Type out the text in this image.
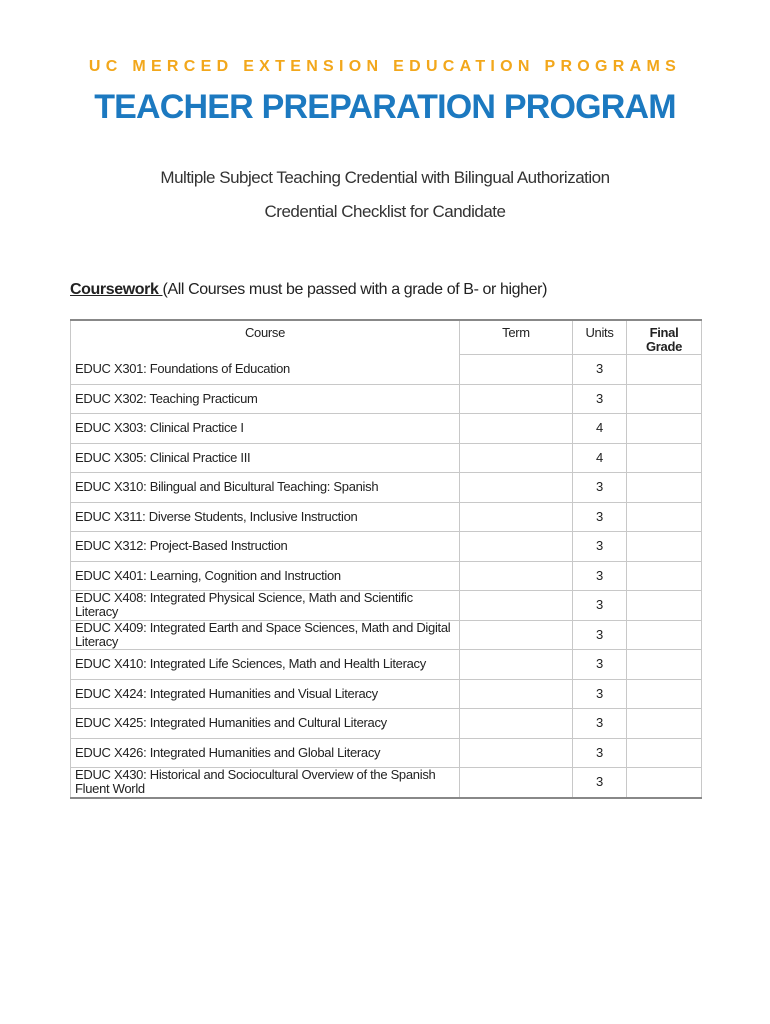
UC MERCED EXTENSION EDUCATION PROGRAMS
TEACHER PREPARATION PROGRAM
Multiple Subject Teaching Credential with Bilingual Authorization
Credential Checklist for Candidate
Coursework (All Courses must be passed with a grade of B- or higher)
Course	Term	Units	Final Grade
EDUC X301: Foundations of Education		3	
EDUC X302: Teaching Practicum		3	
EDUC X303: Clinical Practice I		4	
EDUC X305: Clinical Practice III		4	
EDUC X310: Bilingual and Bicultural Teaching: Spanish		3	
EDUC X311: Diverse Students, Inclusive Instruction		3	
EDUC X312: Project-Based Instruction		3	
EDUC X401: Learning, Cognition and Instruction		3	
EDUC X408: Integrated Physical Science, Math and Scientific Literacy		3	
EDUC X409: Integrated Earth and Space Sciences, Math and Digital Literacy		3	
EDUC X410: Integrated Life Sciences, Math and Health Literacy		3	
EDUC X424: Integrated Humanities and Visual Literacy		3	
EDUC X425: Integrated Humanities and Cultural Literacy		3	
EDUC X426: Integrated Humanities and Global Literacy		3	
EDUC X430: Historical and Sociocultural Overview of the Spanish Fluent World		3	
